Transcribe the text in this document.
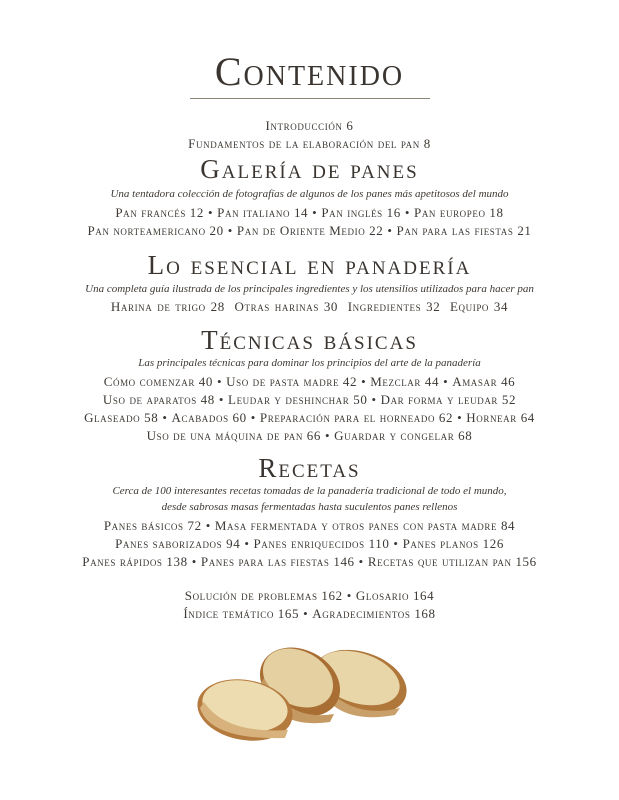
Contenido
Introducción 6
Fundamentos de la elaboración del pan 8
Galería de panes
Una tentadora colección de fotografías de algunos de los panes más apetitosos del mundo
Pan francés 12 • Pan italiano 14 • Pan inglés 16 • Pan europeo 18
Pan norteamericano 20 • Pan de Oriente Medio 22 • Pan para las fiestas 21
Lo esencial en panadería
Una completa guía ilustrada de los principales ingredientes y los utensilios utilizados para hacer pan
Harina de trigo 28  Otras harinas 30  Ingredientes 32  Equipo 34
Técnicas básicas
Las principales técnicas para dominar los principios del arte de la panadería
Cómo comenzar 40 • Uso de pasta madre 42 • Mezclar 44 • Amasar 46
Uso de aparatos 48 • Leudar y deshinchar 50 • Dar forma y leudar 52
Glaseado 58 • Acabados 60 • Preparación para el horneado 62 • Hornear 64
Uso de una máquina de pan 66 • Guardar y congelar 68
Recetas
Cerca de 100 interesantes recetas tomadas de la panadería tradicional de todo el mundo,
desde sabrosas masas fermentadas hasta suculentos panes rellenos
Panes básicos 72 • Masa fermentada y otros panes con pasta madre 84
Panes saborizados 94 • Panes enriquecidos 110 • Panes planos 126
Panes rápidos 138 • Panes para las fiestas 146 • Recetas que utilizan pan 156
Solución de problemas 162 • Glosario 164
Índice temático 165 • Agradecimientos 168
